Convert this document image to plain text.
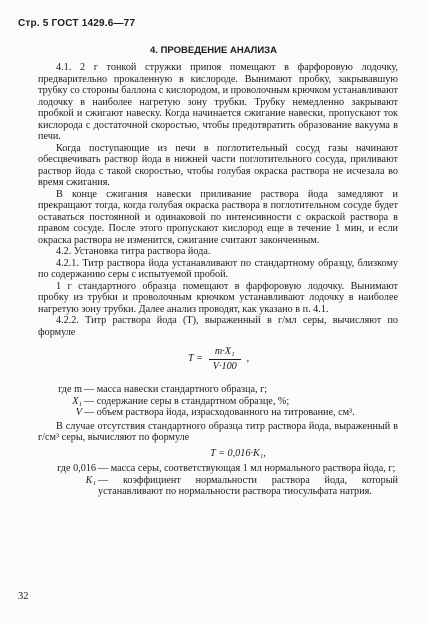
Стр. 5 ГОСТ 1429.6—77
4. ПРОВЕДЕНИЕ АНАЛИЗА

4.1. 2 г тонкой стружки припоя помещают в фарфоровую лодочку, предварительно прокаленную в кислороде. Вынимают пробку, закрывавшую трубку со стороны баллона с кислородом, и проволочным крючком устанавливают лодочку в наиболее нагретую зону трубки. Трубку немедленно закрывают пробкой и сжигают навеску. Когда начинается сжигание навески, пропускают ток кислорода с достаточной скоростью, чтобы предотвратить образование вакуума в печи.

Когда поступающие из печи в поглотительный сосуд газы начинают обесцвечивать раствор йода в нижней части поглотительного сосуда, приливают раствор йода с такой скоростью, чтобы голубая окраска раствора не исчезала во время сжигания.

В конце сжигания навески приливание раствора йода замедляют и прекращают тогда, когда голубая окраска раствора в поглотительном сосуде будет оставаться постоянной и одинаковой по интенсивности с окраской раствора в правом сосуде. После этого пропускают кислород еще в течение 1 мин, и если окраска раствора не изменится, сжигание считают законченным.

4.2. Установка титра раствора йода.

4.2.1. Титр раствора йода устанавливают по стандартному образцу, близкому по содержанию серы с испытуемой пробой.

1 г стандартного образца помещают в фарфоровую лодочку. Вынимают пробку из трубки и проволочным крючком устанавливают лодочку в наиболее нагретую зону трубки. Далее анализ проводят, как указано в п. 4.1.

4.2.2. Титр раствора йода (T), выраженный в г/мл серы, вычисляют по формуле

$T = \frac{\text{m·X₁}}{V\cdot 100}$ ,
где m — масса навески стандартного образца, г;
X₁ — содержание серы в стандартном образце, %;
V — объем раствора йода, израсходованного на титрование, см³.

В случае отсутствия стандартного образца титр раствора йода, выраженный в г/см³ серы, вычисляют по формуле

T = 0,016·K₁,
где 0,016 — масса серы, соответствующая 1 мл нормального раствора йода, г;
K₁ — коэффициент нормальности раствора йода, который устанавливают по нормальности раствора тиосульфата натрия.
32
